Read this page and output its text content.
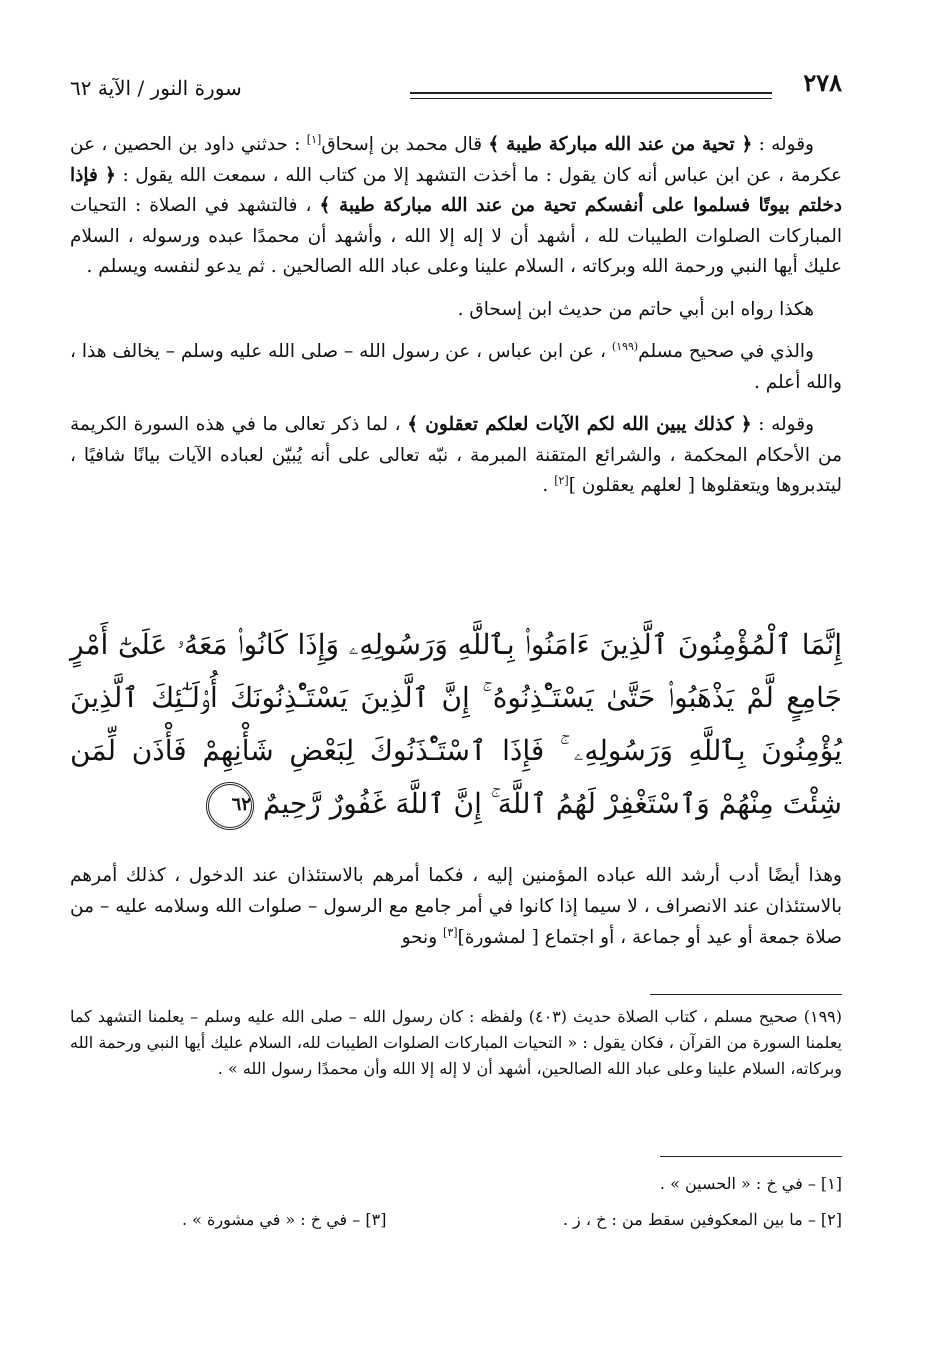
سورة النور / الآية ٦٢	٢٧٨

وقوله : ﴿ تحية من عند الله مباركة طيبة ﴾ قال محمد بن إسحاق[١] : حدثني داود بن الحصين ، عن عكرمة ، عن ابن عباس أنه كان يقول : ما أخذت التشهد إلا من كتاب الله ، سمعت الله يقول : ﴿ فإذا دخلتم بيوتًا فسلموا على أنفسكم تحية من عند الله مباركة طيبة ﴾ ، فالتشهد في الصلاة : التحيات المباركات الصلوات الطيبات لله ، أشهد أن لا إله إلا الله ، وأشهد أن محمدًا عبده ورسوله ، السلام عليك أيها النبي ورحمة الله وبركاته ، السلام علينا وعلى عباد الله الصالحين . ثم يدعو لنفسه ويسلم .

هكذا رواه ابن أبي حاتم من حديث ابن إسحاق .

والذي في صحيح مسلم$^{(١٩٩)}$ ، عن ابن عباس ، عن رسول الله – صلى الله عليه وسلم – يخالف هذا ، والله أعلم .

وقوله : ﴿ كذلك يبين الله لكم الآيات لعلكم تعقلون ﴾ ، لما ذكر تعالى ما في هذه السورة الكريمة من الأحكام المحكمة ، والشرائع المتقنة المبرمة ، نبّه تعالى على أنه يُبيّن لعباده الآيات بيانًا شافيًا ، ليتدبروها ويتعقلوها [ لعلهم يعقلون ][٢] .

إِنَّمَا ٱلْمُؤْمِنُونَ ٱلَّذِينَ ءَامَنُوا۟ بِٱللَّهِ وَرَسُولِهِۦ وَإِذَا كَانُوا۟ مَعَهُۥ عَلَىٰٓ أَمْرٍ جَامِعٍ لَّمْ يَذْهَبُوا۟ حَتَّىٰ يَسْتَـْٔذِنُوهُ ۚ إِنَّ ٱلَّذِينَ يَسْتَـْٔذِنُونَكَ أُو۟لَـٰٓئِكَ ٱلَّذِينَ يُؤْمِنُونَ بِٱللَّهِ وَرَسُولِهِۦ ۚ فَإِذَا ٱسْتَـْٔذَنُوكَ لِبَعْضِ شَأْنِهِمْ فَأْذَن لِّمَن شِئْتَ مِنْهُمْ وَٱسْتَغْفِرْ لَهُمُ ٱللَّهَ ۚ إِنَّ ٱللَّهَ غَفُورٌ رَّحِيمٌ ٦٢
وهذا أيضًا أدب أرشد الله عباده المؤمنين إليه ، فكما أمرهم بالاستئذان عند الدخول ، كذلك أمرهم بالاستئذان عند الانصراف ، لا سيما إذا كانوا في أمر جامع مع الرسول – صلوات الله وسلامه عليه – من صلاة جمعة أو عيد أو جماعة ، أو اجتماع [ لمشورة][٣] ونحو
(١٩٩) صحيح مسلم ، كتاب الصلاة حديث (٤٠٣) ولفظه : كان رسول الله – صلى الله عليه وسلم – يعلمنا التشهد كما يعلمنا السورة من القرآن ، فكان يقول : « التحيات المباركات الصلوات الطيبات لله، السلام عليك أيها النبي ورحمة الله وبركاته، السلام علينا وعلى عباد الله الصالحين، أشهد أن لا إله إلا الله وأن محمدًا رسول الله » .
[١] – في خ : « الحسين » .
[٢] – ما بين المعكوفين سقط من : خ ، ز .
[٣] – في خ : « في مشورة » .
